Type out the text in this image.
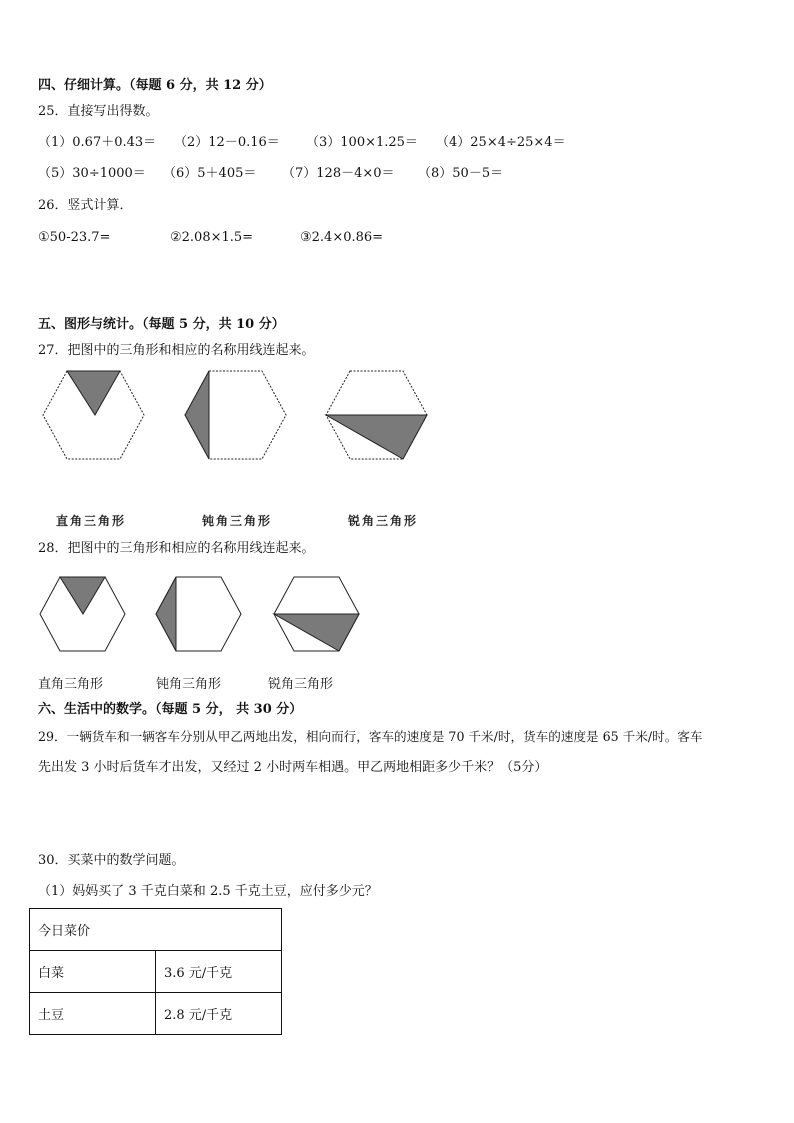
四、仔细计算。（每题 6 分，共 12 分）
25．直接写出得数。
（1）0.67＋0.43＝ （2）12－0.16＝ （3）100×1.25＝ （4）25×4÷25×4＝
（5）30÷1000＝ （6）5＋405＝ （7）128－4×0＝ （8）50－5＝
26．竖式计算．
①50-23.7=	②2.08×1.5=	③2.4×0.86=
五、图形与统计。（每题 5 分，共 10 分）
27．把图中的三角形和相应的名称用线连起来。
直角三角形	钝角三角形	锐角三角形
28．把图中的三角形和相应的名称用线连起来。
直角三角形	钝角三角形	锐角三角形
六、生活中的数学。（每题 5 分， 共 30 分）
29．一辆货车和一辆客车分别从甲乙两地出发，相向而行，客车的速度是 70 千米/时，货车的速度是 65 千米/时。客车
先出发 3 小时后货车才出发，又经过 2 小时两车相遇。甲乙两地相距多少千米？（5分）
30．买菜中的数学问题。
（1）妈妈买了 3 千克白菜和 2.5 千克土豆，应付多少元？
今日菜价	
白菜	3.6 元/千克
土豆	2.8 元/千克
